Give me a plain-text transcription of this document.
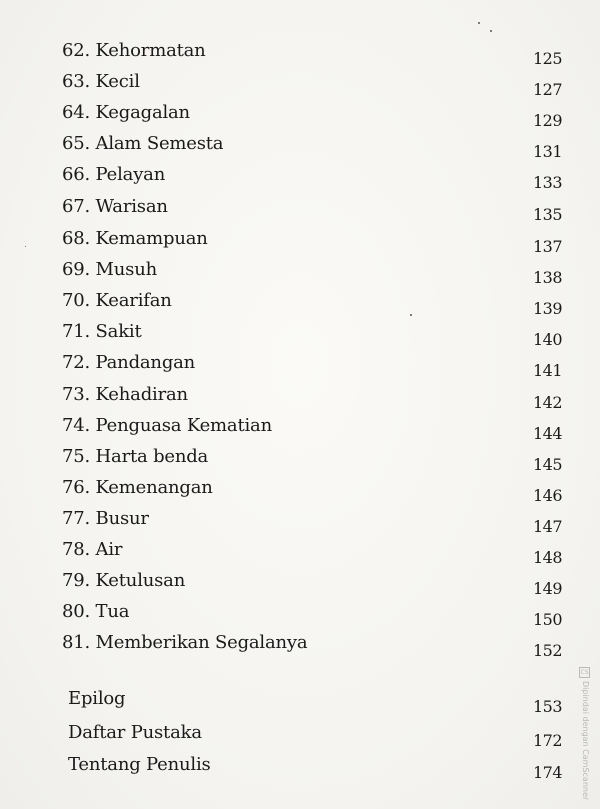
62. Kehormatan	125
63. Kecil	127
64. Kegagalan	129
65. Alam Semesta	131
66. Pelayan	133
67. Warisan	135
68. Kemampuan	137
69. Musuh	138
70. Kearifan	139
71. Sakit	140
72. Pandangan	141
73. Kehadiran	142
74. Penguasa Kematian	144
75. Harta benda	145
76. Kemenangan	146
77. Busur	147
78. Air	148
79. Ketulusan	149
80. Tua	150
81. Memberikan Segalanya	152
Epilog	153
Daftar Pustaka	172
Tentang Penulis	174
CS
Dipindai dengan CamScanner
